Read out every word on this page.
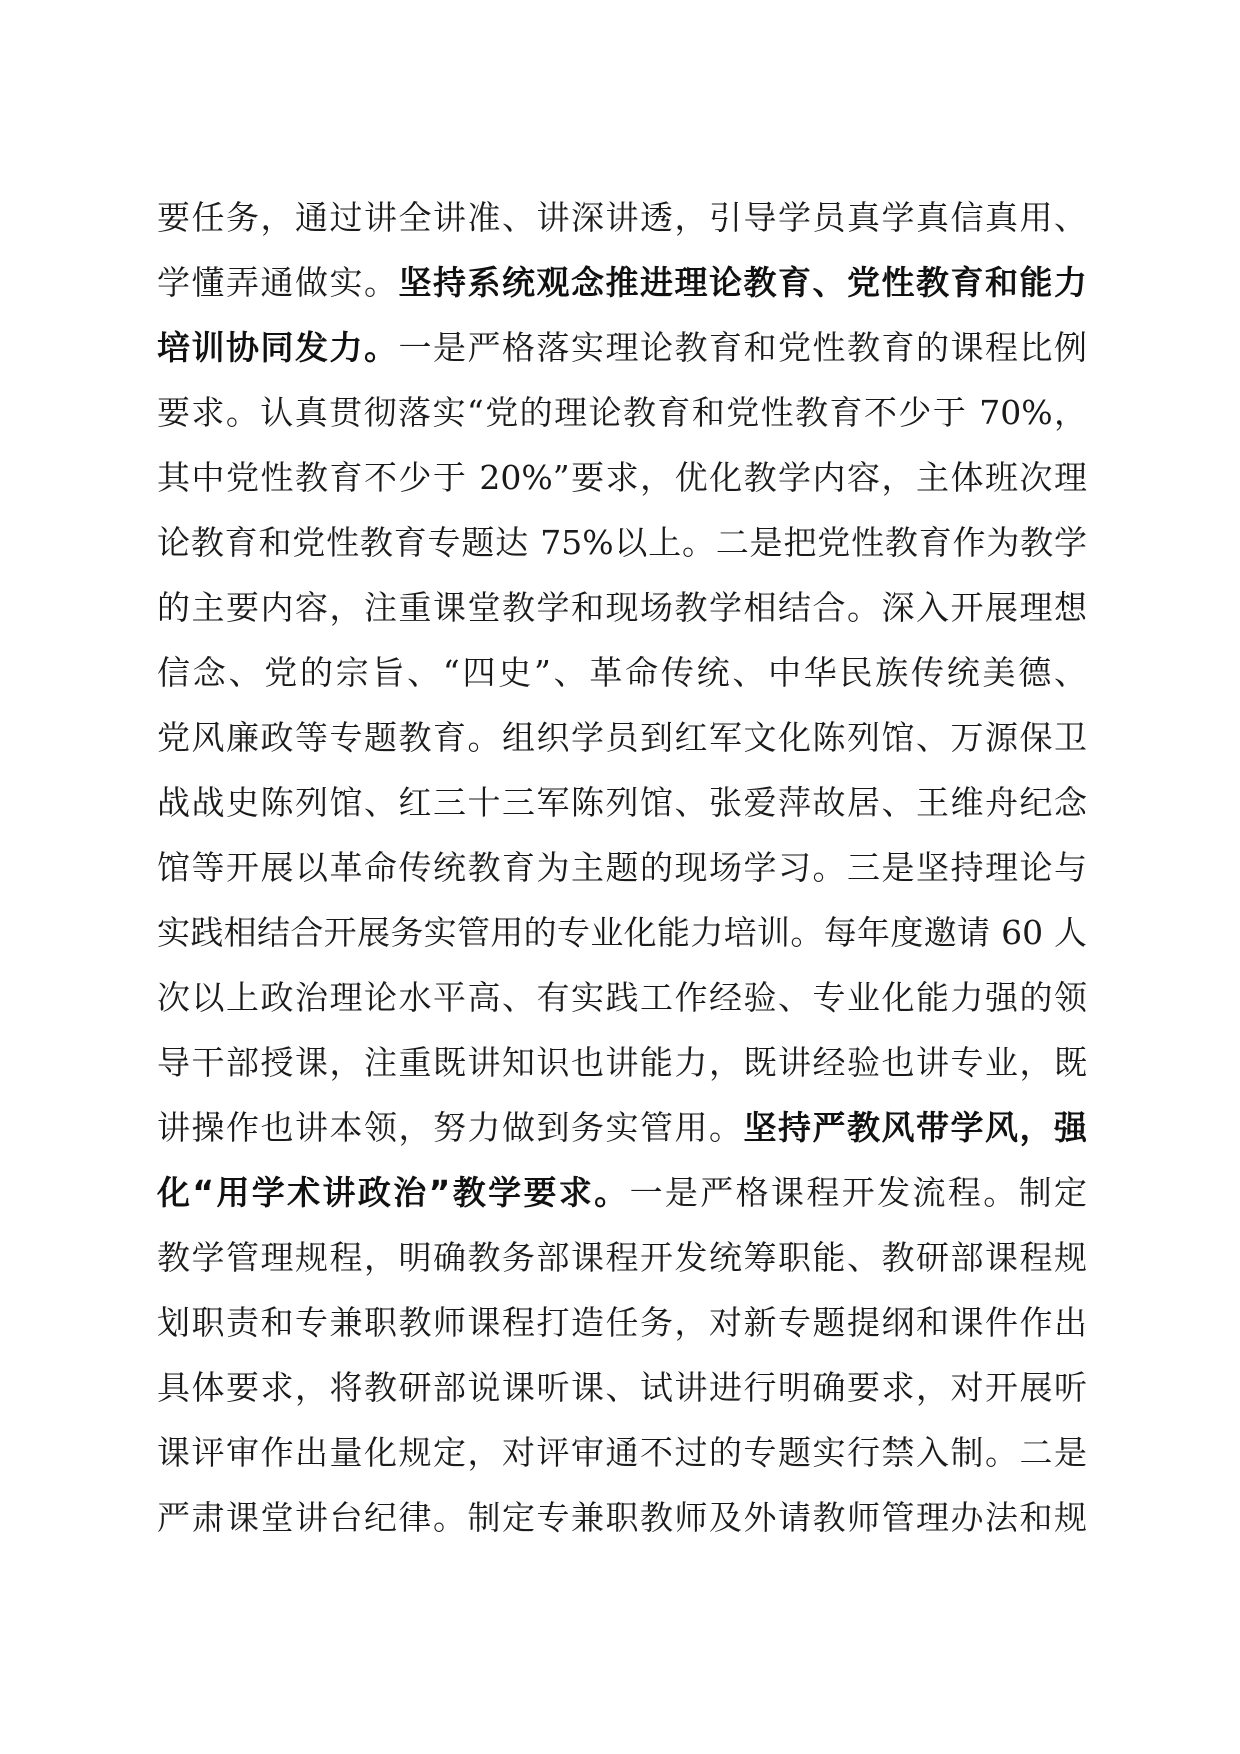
要任务，通过讲全讲准、讲深讲透，引导学员真学真信真用、
学懂弄通做实。坚持系统观念推进理论教育、党性教育和能力
培训协同发力。一是严格落实理论教育和党性教育的课程比例
要求。认真贯彻落实“党的理论教育和党性教育不少于 70%，
其中党性教育不少于 20%”要求，优化教学内容，主体班次理
论教育和党性教育专题达 75%以上。二是把党性教育作为教学
的主要内容，注重课堂教学和现场教学相结合。深入开展理想
信念、党的宗旨、“四史”、革命传统、中华民族传统美德、
党风廉政等专题教育。组织学员到红军文化陈列馆、万源保卫
战战史陈列馆、红三十三军陈列馆、张爱萍故居、王维舟纪念
馆等开展以革命传统教育为主题的现场学习。三是坚持理论与
实践相结合开展务实管用的专业化能力培训。每年度邀请 60 人
次以上政治理论水平高、有实践工作经验、专业化能力强的领
导干部授课，注重既讲知识也讲能力，既讲经验也讲专业，既
讲操作也讲本领，努力做到务实管用。坚持严教风带学风，强
化“用学术讲政治”教学要求。一是严格课程开发流程。制定
教学管理规程，明确教务部课程开发统筹职能、教研部课程规
划职责和专兼职教师课程打造任务，对新专题提纲和课件作出
具体要求，将教研部说课听课、试讲进行明确要求，对开展听
课评审作出量化规定，对评审通不过的专题实行禁入制。二是
严肃课堂讲台纪律。制定专兼职教师及外请教师管理办法和规
